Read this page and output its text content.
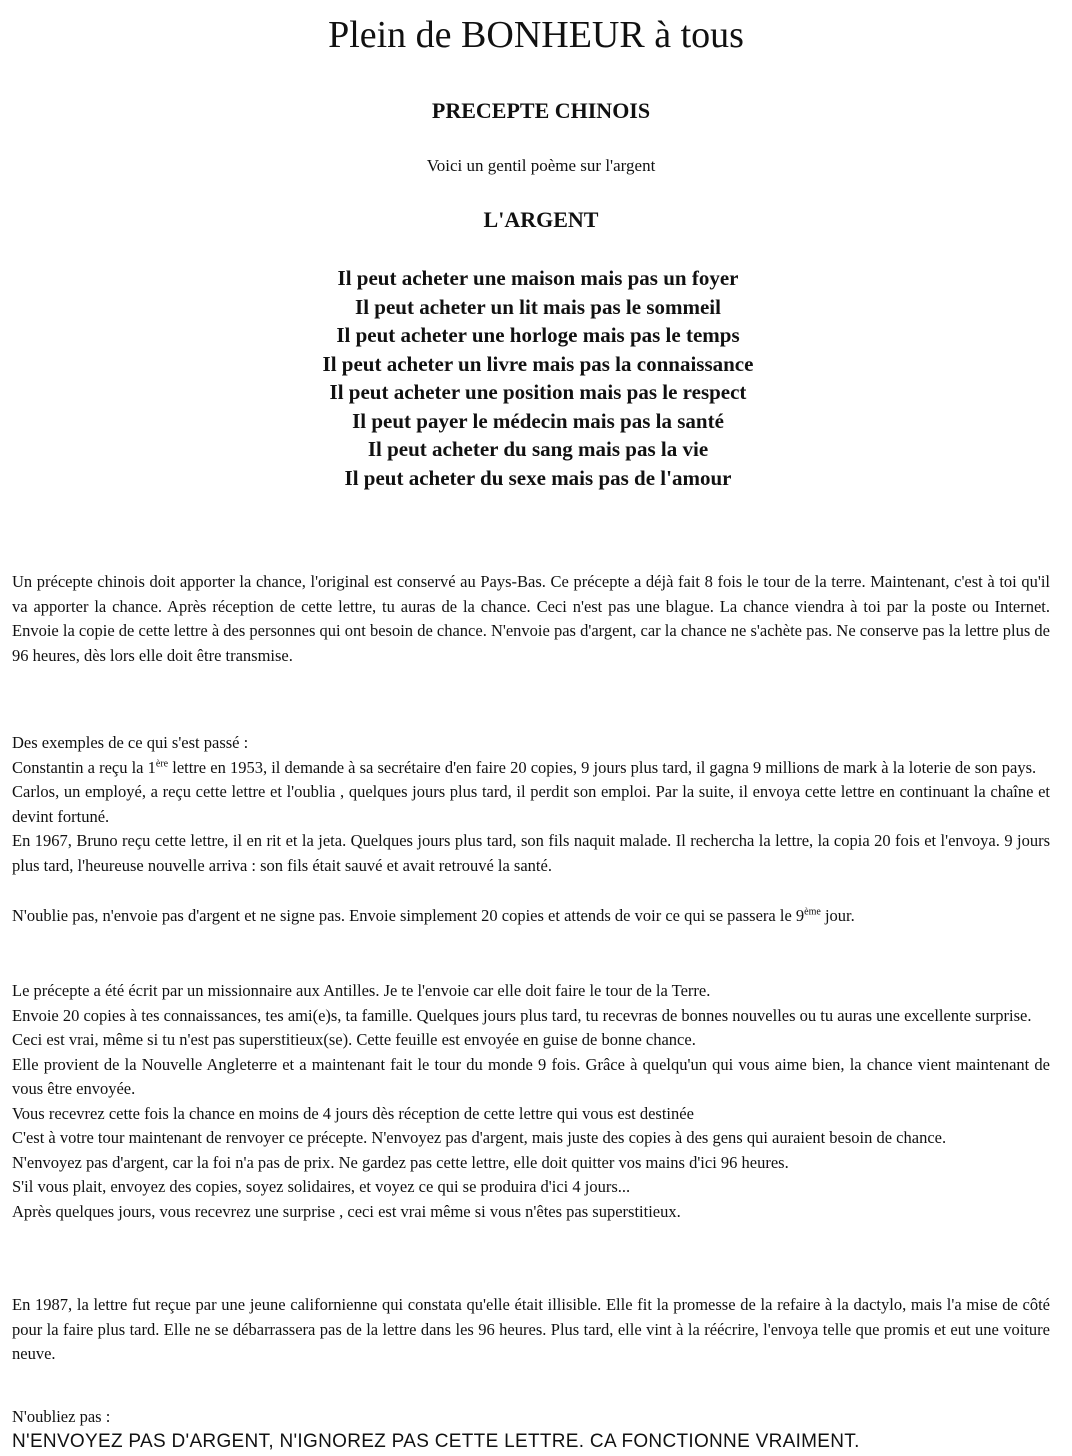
Plein de BONHEUR à tous
PRECEPTE CHINOIS

Voici un gentil poème sur l'argent

L'ARGENT
Il peut acheter une maison mais pas un foyer
Il peut acheter un lit mais pas le sommeil
Il peut acheter une horloge mais pas le temps
Il peut acheter un livre mais pas la connaissance
Il peut acheter une position mais pas le respect
Il peut payer le médecin mais pas la santé
Il peut acheter du sang mais pas la vie
Il peut acheter du sexe mais pas de l'amour
Un précepte chinois doit apporter la chance, l'original est conservé au Pays-Bas. Ce précepte a déjà fait 8 fois le tour de la terre. Maintenant, c'est à toi qu'il va apporter la chance. Après réception de cette lettre, tu auras de la chance. Ceci n'est pas une blague. La chance viendra à toi par la poste ou Internet. Envoie la copie de cette lettre à des personnes qui ont besoin de chance. N'envoie pas d'argent, car la chance ne s'achète pas. Ne conserve pas la lettre plus de 96 heures, dès lors elle doit être transmise.
Des exemples de ce qui s'est passé :
Constantin a reçu la 1ère lettre en 1953, il demande à sa secrétaire d'en faire 20 copies, 9 jours plus tard, il gagna 9 millions de mark à la loterie de son pays.
Carlos, un employé, a reçu cette lettre et l'oublia , quelques jours plus tard, il perdit son emploi. Par la suite, il envoya cette lettre en continuant la chaîne et devint fortuné.
En 1967, Bruno reçu cette lettre, il en rit et la jeta. Quelques jours plus tard, son fils naquit malade. Il rechercha la lettre, la copia 20 fois et l'envoya. 9 jours plus tard, l'heureuse nouvelle arriva : son fils était sauvé et avait retrouvé la santé.
N'oublie pas, n'envoie pas d'argent et ne signe pas. Envoie simplement 20 copies et attends de voir ce qui se passera le 9ème jour.
Le précepte a été écrit par un missionnaire aux Antilles. Je te l'envoie car elle doit faire le tour de la Terre.
Envoie 20 copies à tes connaissances, tes ami(e)s, ta famille. Quelques jours plus tard, tu recevras de bonnes nouvelles ou tu auras une excellente surprise.
Ceci est vrai, même si tu n'est pas superstitieux(se). Cette feuille est envoyée en guise de bonne chance.
Elle provient de la Nouvelle Angleterre et a maintenant fait le tour du monde 9 fois. Grâce à quelqu'un qui vous aime bien, la chance vient maintenant de vous être envoyée.
Vous recevrez cette fois la chance en moins de 4 jours dès réception de cette lettre qui vous est destinée
C'est à votre tour maintenant de renvoyer ce précepte. N'envoyez pas d'argent, mais juste des copies à des gens qui auraient besoin de chance.
N'envoyez pas d'argent, car la foi n'a pas de prix. Ne gardez pas cette lettre, elle doit quitter vos mains d'ici 96 heures.
S'il vous plait, envoyez des copies, soyez solidaires, et voyez ce qui se produira d'ici 4 jours...
Après quelques jours, vous recevrez une surprise , ceci est vrai même si vous n'êtes pas superstitieux.
En 1987, la lettre fut reçue par une jeune californienne qui constata qu'elle était illisible. Elle fit la promesse de la refaire à la dactylo, mais l'a mise de côté pour la faire plus tard. Elle ne se débarrassera pas de la lettre dans les 96 heures. Plus tard, elle vint à la réécrire, l'envoya telle que promis et eut une voiture neuve.
N'oubliez pas :
N'ENVOYEZ PAS D'ARGENT, N'IGNOREZ PAS CETTE LETTRE. CA FONCTIONNE VRAIMENT.
